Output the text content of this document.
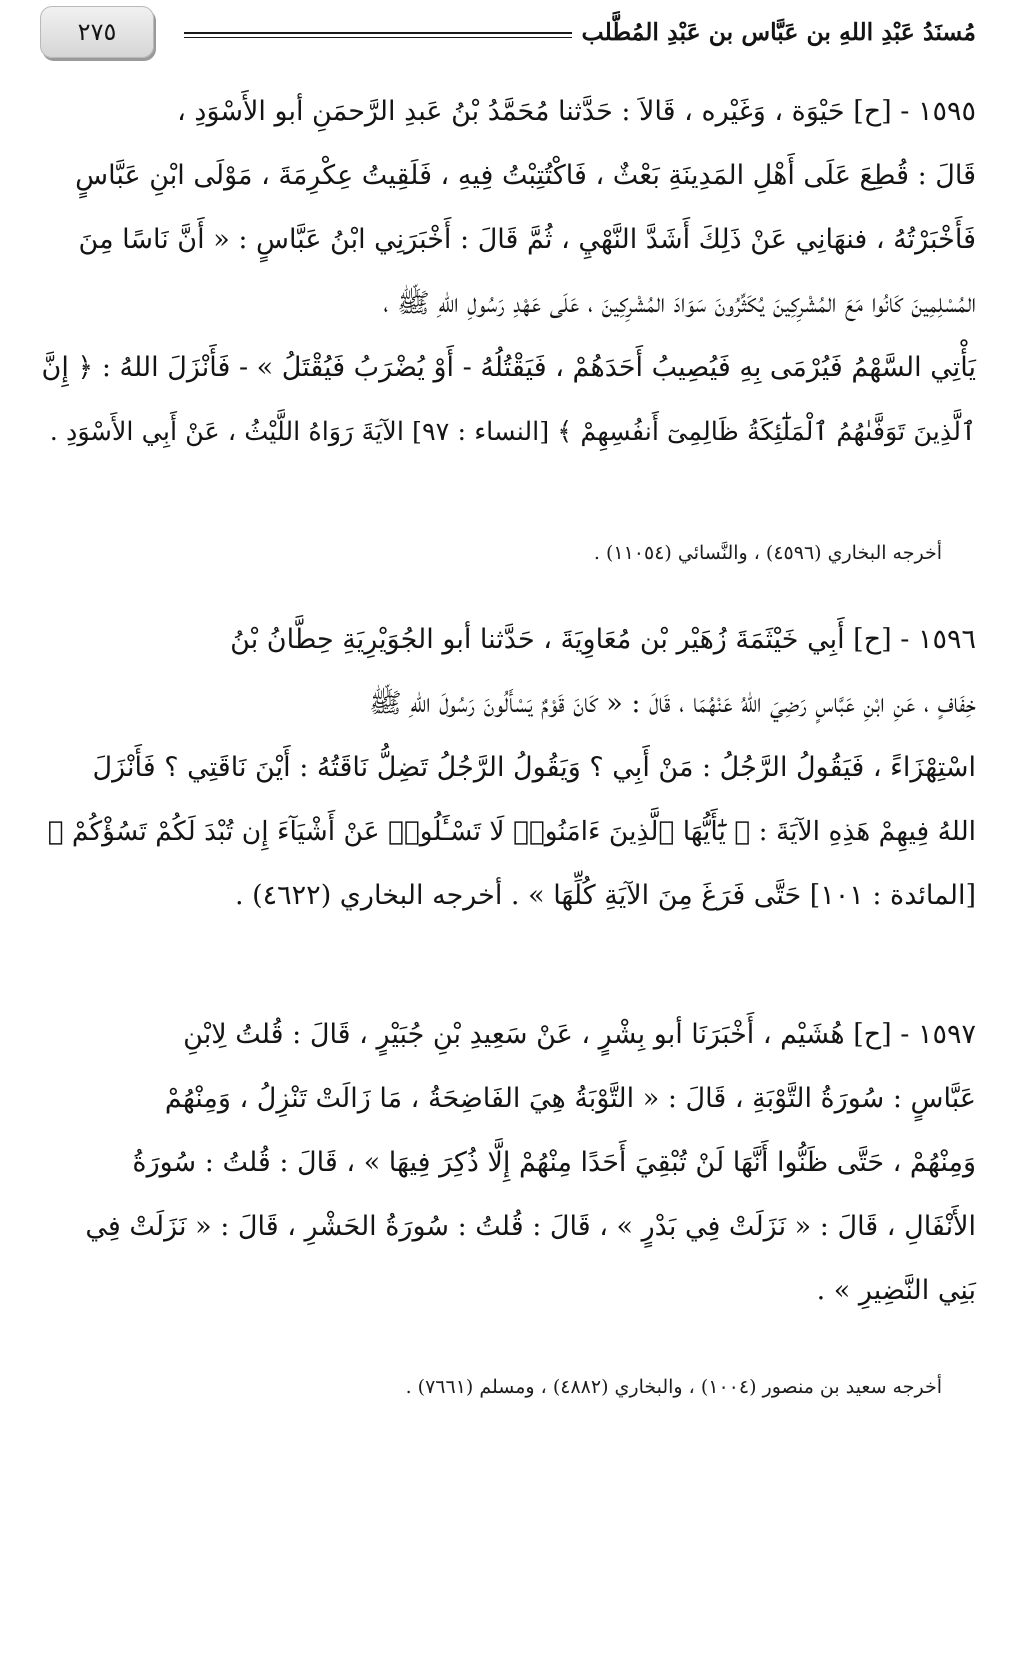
مُسنَدُ عَبْدِ اللهِ بن عَبَّاس بن عَبْدِ المُطَّلب
٢٧٥
١٥٩٥ - [ح] حَيْوَة ، وَغَيْره ، قَالاَ : حَدَّثنا مُحَمَّدُ بْنُ عَبدِ الرَّحمَنِ أبو الأَسْوَدِ ،
قَالَ : قُطِعَ عَلَى أَهْلِ المَدِينَةِ بَعْثٌ ، فَاكْتُتِبْتُ فِيهِ ، فَلَقِيتُ عِكْرِمَةَ ، مَوْلَى ابْنِ عَبَّاسٍ
فَأَخْبَرْتُهُ ، فنهَانِي عَنْ ذَلِكَ أَشَدَّ النَّهْيِ ، ثُمَّ قَالَ : أَخْبَرَنِي ابْنُ عَبَّاسٍ : « أَنَّ نَاسًا مِنَ
المُسْلِمِينَ كَانُوا مَعَ المُشْرِكِينَ يُكَثِّرُونَ سَوَادَ المُشْرِكِينَ ، عَلَى عَهْدِ رَسُولِ اللهِ ﷺ ،
يَأْتِي السَّهْمُ فَيُرْمَى بِهِ فَيُصِيبُ أَحَدَهُمْ ، فَيَقْتُلُهُ - أَوْ يُضْرَبُ فَيُقْتَلُ » - فَأَنْزَلَ اللهُ : ﴿ إِنَّ
ٱلَّذِينَ تَوَفَّىٰهُمُ ٱلْمَلَٰٓئِكَةُ ظَالِمِىٓ أَنفُسِهِمْ ﴾ [النساء : ٩٧] الآيَةَ رَوَاهُ اللَّيْثُ ، عَنْ أَبِي الأَسْوَدِ .
أخرجه البخاري (٤٥٩٦) ، والنَّسائي (١١٠٥٤) .
١٥٩٦ - [ح] أَبِي خَيْثَمَةَ زُهَيْر بْن مُعَاوِيَةَ ، حَدَّثنا أبو الجُوَيْرِيَةِ حِطَّانُ بْنُ
خِفَافٍ ، عَنِ ابْنِ عَبَّاسٍ رَضِيَ اللهُ عَنْهُمَا ، قَالَ : « كَانَ قَوْمٌ يَسْأَلُونَ رَسُولَ اللهِ ﷺ
اسْتِهْزَاءً ، فَيَقُولُ الرَّجُلُ : مَنْ أَبِي ؟ وَيَقُولُ الرَّجُلُ تَضِلُّ نَاقَتُهُ : أَيْنَ نَاقَتِي ؟ فَأَنْزَلَ
اللهُ فِيهِمْ هَذِهِ الآيَةَ : ﴿ يَٰٓأَيُّهَا ٱلَّذِينَ ءَامَنُوا۟ لَا تَسْـَٔلُوا۟ عَنْ أَشْيَآءَ إِن تُبْدَ لَكُمْ تَسُؤْكُمْ ﴾
[المائدة : ١٠١] حَتَّى فَرَغَ مِنَ الآيَةِ كُلِّهَا » . أخرجه البخاري (٤٦٢٢) .
١٥٩٧ - [ح] هُشَيْم ، أَخْبَرَنَا أبو بِشْرٍ ، عَنْ سَعِيدِ بْنِ جُبَيْرٍ ، قَالَ : قُلتُ لِابْنِ
عَبَّاسٍ : سُورَةُ التَّوْبَةِ ، قَالَ : « التَّوْبَةُ هِيَ الفَاضِحَةُ ، مَا زَالَتْ تَنْزِلُ ، وَمِنْهُمْ
وَمِنْهُمْ ، حَتَّى ظَنُّوا أَنَّهَا لَنْ تُبْقِيَ أَحَدًا مِنْهُمْ إِلَّا ذُكِرَ فِيهَا » ، قَالَ : قُلتُ : سُورَةُ
الأَنْفَالِ ، قَالَ : « نَزَلَتْ فِي بَدْرٍ » ، قَالَ : قُلتُ : سُورَةُ الحَشْرِ ، قَالَ : « نَزَلَتْ فِي
بَنِي النَّضِيرِ » .
أخرجه سعيد بن منصور (١٠٠٤) ، والبخاري (٤٨٨٢) ، ومسلم (٧٦٦١) .
